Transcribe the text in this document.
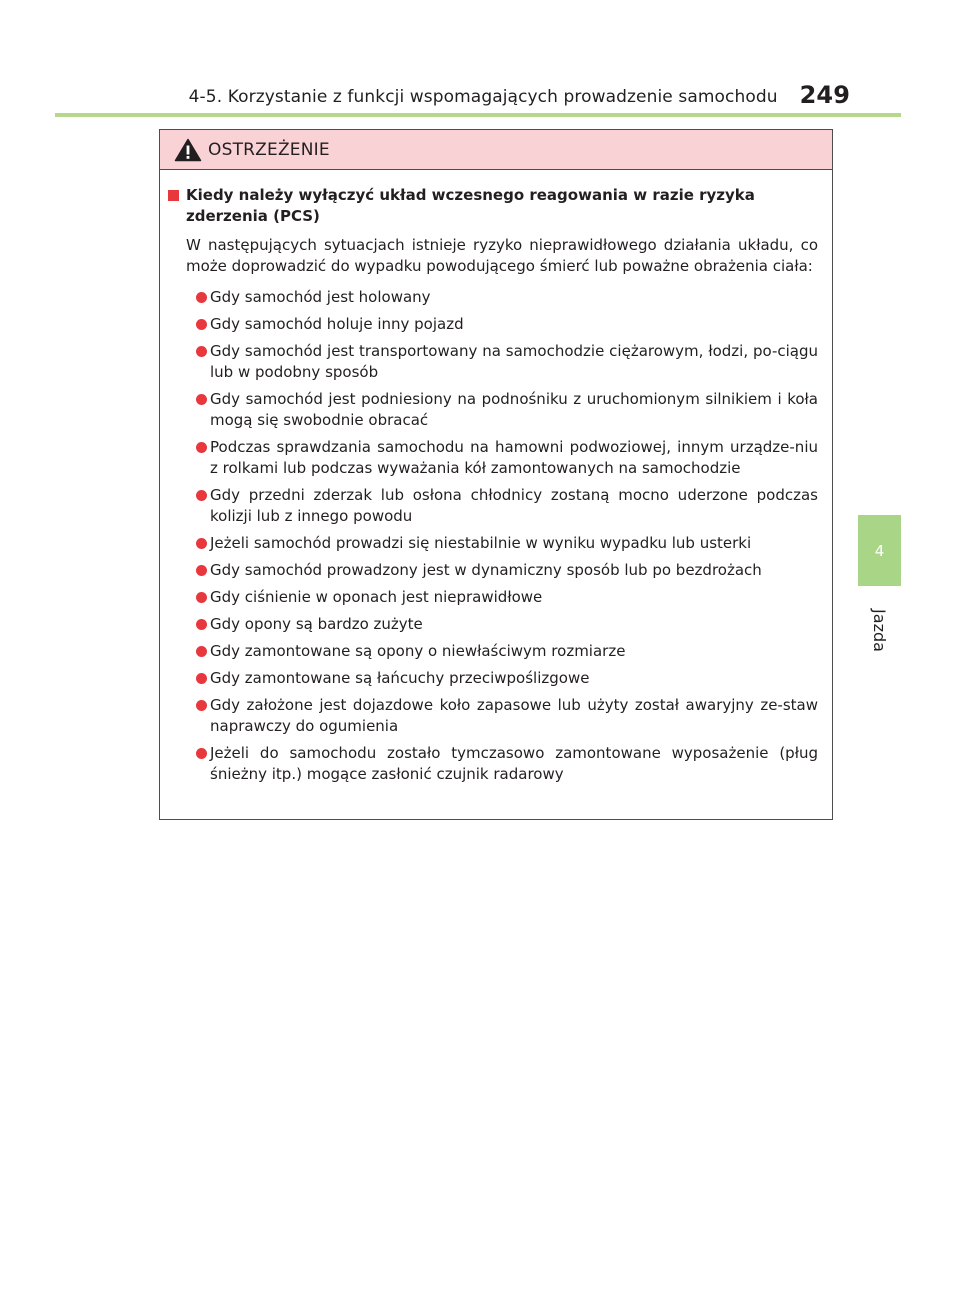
4-5. Korzystanie z funkcji wspomagających prowadzenie samochodu 249
4
Jazda
OSTRZEŻENIE
Kiedy należy wyłączyć układ wczesnego reagowania w razie ryzyka zderzenia (PCS)
W następujących sytuacjach istnieje ryzyko nieprawidłowego działania układu, co może doprowadzić do wypadku powodującego śmierć lub poważne obrażenia ciała:
Gdy samochód jest holowany
Gdy samochód holuje inny pojazd
Gdy samochód jest transportowany na samochodzie ciężarowym, łodzi, po-ciągu lub w podobny sposób
Gdy samochód jest podniesiony na podnośniku z uruchomionym silnikiem i koła mogą się swobodnie obracać
Podczas sprawdzania samochodu na hamowni podwoziowej, innym urządze-niu z rolkami lub podczas wyważania kół zamontowanych na samochodzie
Gdy przedni zderzak lub osłona chłodnicy zostaną mocno uderzone podczas kolizji lub z innego powodu
Jeżeli samochód prowadzi się niestabilnie w wyniku wypadku lub usterki
Gdy samochód prowadzony jest w dynamiczny sposób lub po bezdrożach
Gdy ciśnienie w oponach jest nieprawidłowe
Gdy opony są bardzo zużyte
Gdy zamontowane są opony o niewłaściwym rozmiarze
Gdy zamontowane są łańcuchy przeciwpoślizgowe
Gdy założone jest dojazdowe koło zapasowe lub użyty został awaryjny ze-staw naprawczy do ogumienia
Jeżeli do samochodu zostało tymczasowo zamontowane wyposażenie (pług śnieżny itp.) mogące zasłonić czujnik radarowy
